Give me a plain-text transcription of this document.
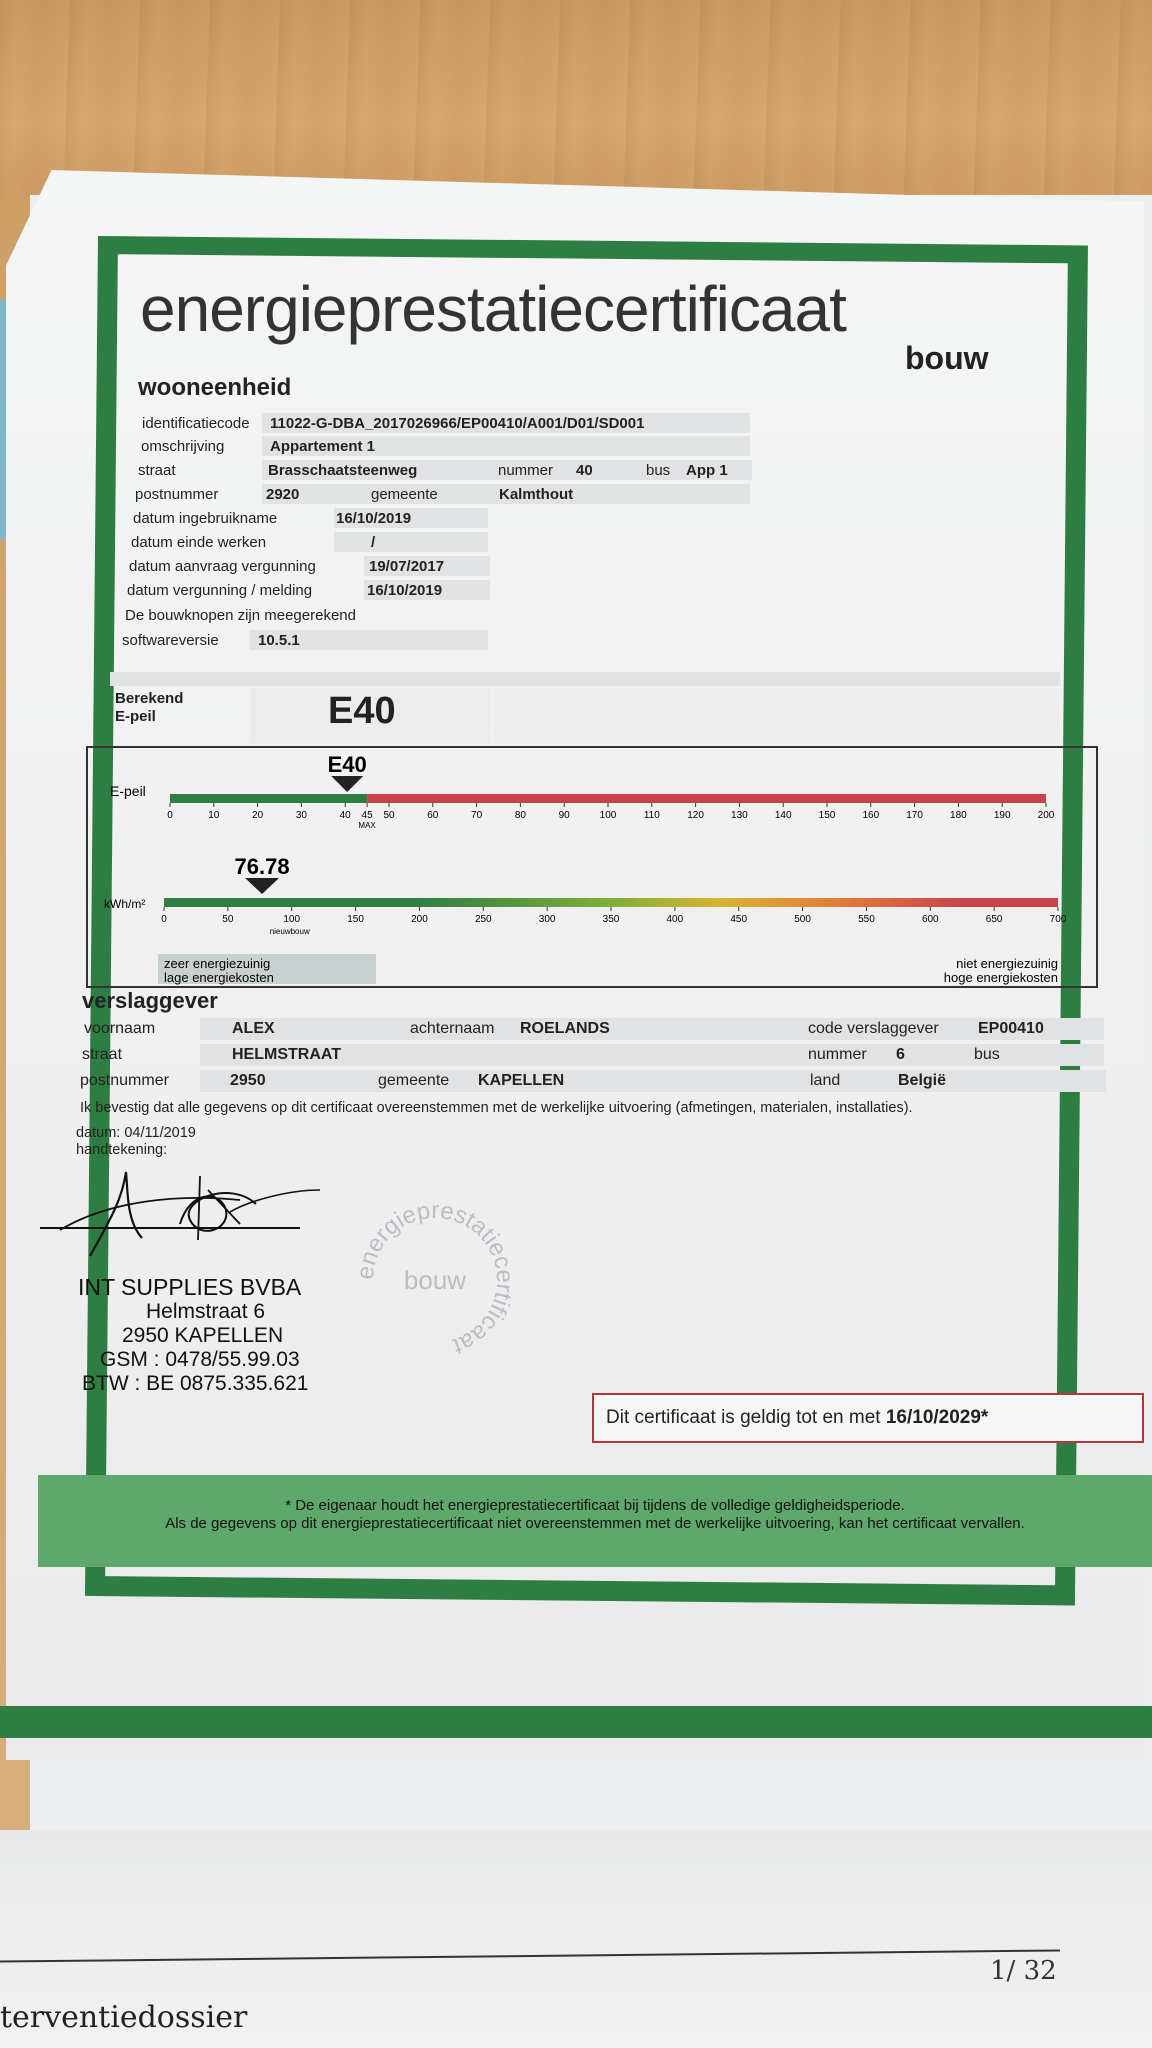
terventiedossier
1/ 32
energieprestatiecertificaat
bouw
wooneenheid
identificatiecode 11022-G-DBA_2017026966/EP00410/A001/D01/SD001
omschrijving	Appartement 1
straat	Brasschaatsteenweg	nummer 40	bus App 1
postnummer	2920	gemeente	Kalmthout
datum ingebruikname	16/10/2019
datum einde werken	/
datum aanvraag vergunning	19/07/2017
datum vergunning / melding	16/10/2019
De bouwknopen zijn meegerekend
softwareversie	10.5.1
Berekend
E-peil	E40
E-peil
0	10	20	30	40 45 50	60	70	80	90	100	110	120	130	140	150	160	170	180	190	200
MAX
E40
kWh/m²
0	50	100	150	200	250	300	350	400	450	500	550	600	650	700
nieuwbouw
76.78
zeer energiezuinig
lage energiekosten
niet energiezuinig
hoge energiekosten
verslaggever
voornaam	ALEX	achternaam ROELANDS	code verslaggever EP00410
straat	HELMSTRAAT	nummer 6	bus
postnummer	2950	gemeente KAPELLEN	land	België
Ik bevestig dat alle gegevens op dit certificaat overeenstemmen met de werkelijke uitvoering (afmetingen, materialen, installaties).
datum: 04/11/2019
handtekening:
INT SUPPLIES BVBA
Helmstraat 6
2950 KAPELLEN
GSM : 0478/55.99.03
BTW : BE 0875.335.621
energieprestatiecertificaat
bouw
Dit certificaat is geldig tot en met 16/10/2029*
* De eigenaar houdt het energieprestatiecertificaat bij tijdens de volledige geldigheidsperiode.
Als de gegevens op dit energieprestatiecertificaat niet overeenstemmen met de werkelijke uitvoering, kan het certificaat vervallen.
